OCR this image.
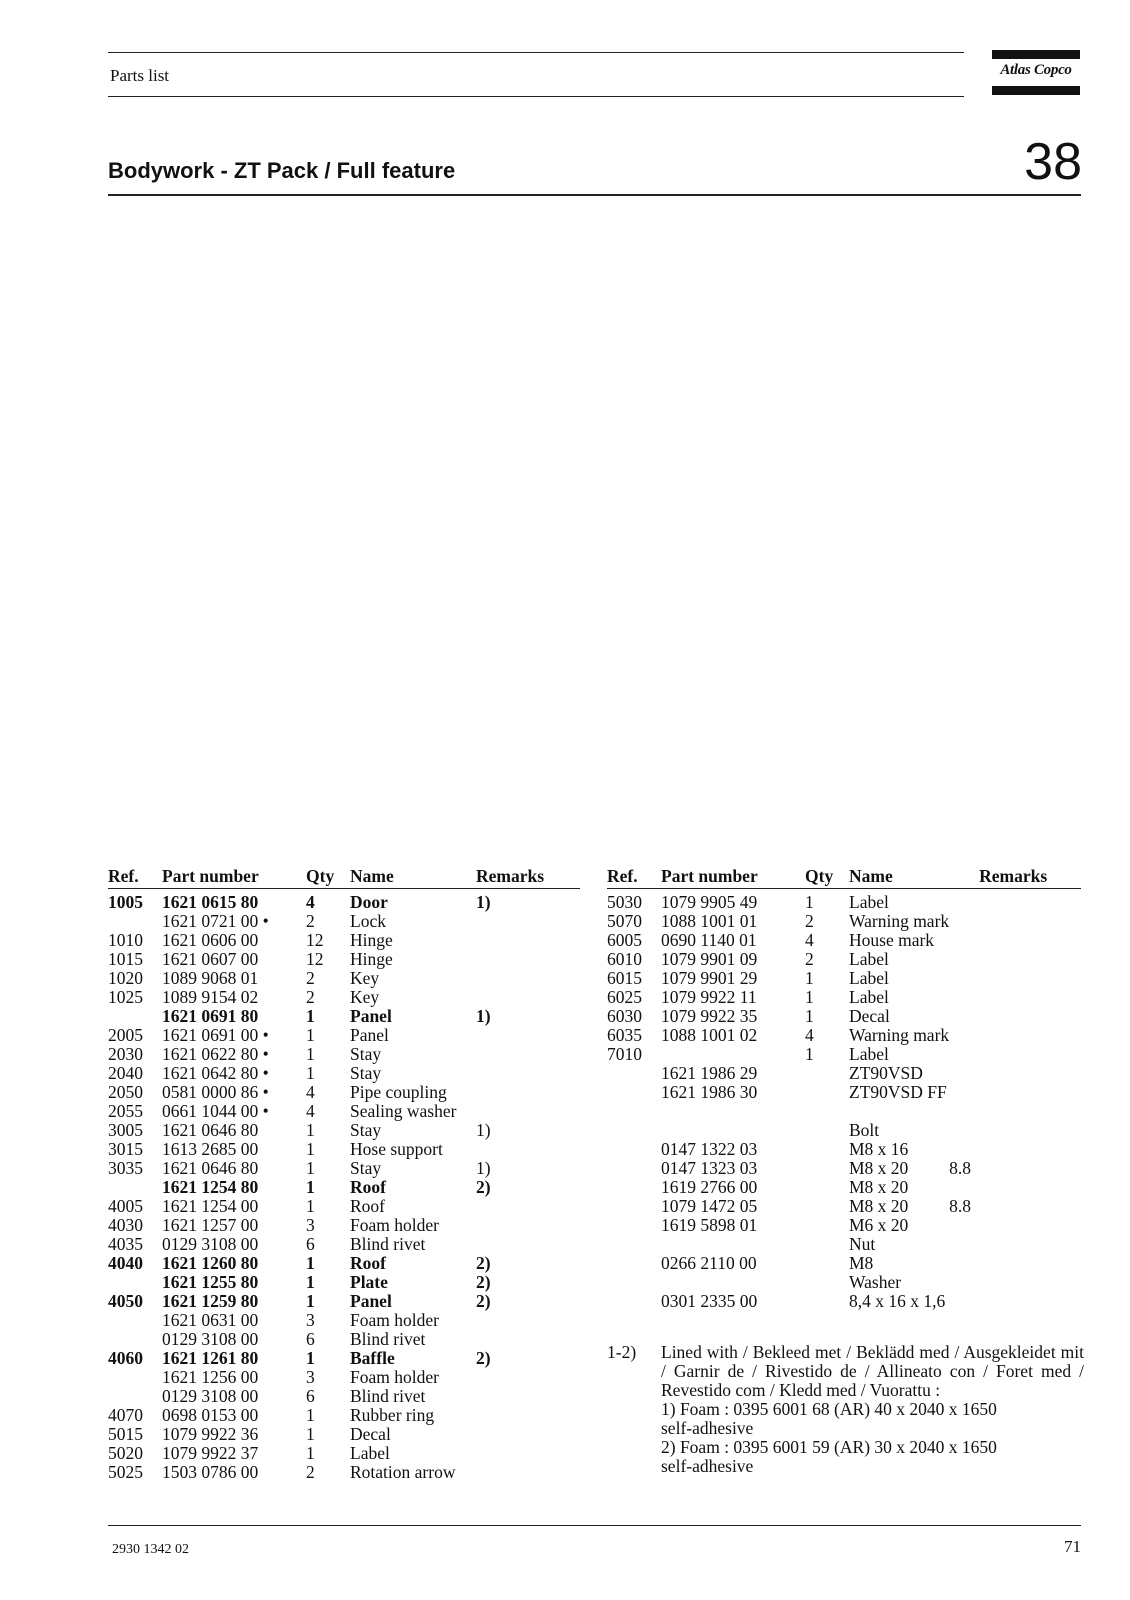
Parts list	Atlas Copco
Bodywork - ZT Pack / Full feature	38
Ref.	Part number	Qty	Name	Remarks

1005	1621 0615 80	4	Door	1)
	1621 0721 00 •	2	Lock	
1010	1621 0606 00	12	Hinge	
1015	1621 0607 00	12	Hinge	
1020	1089 9068 01	2	Key	
1025	1089 9154 02	2	Key	
	1621 0691 80	1	Panel	1)
2005	1621 0691 00 •	1	Panel	
2030	1621 0622 80 •	1	Stay	
2040	1621 0642 80 •	1	Stay	
2050	0581 0000 86 •	4	Pipe coupling	
2055	0661 1044 00 •	4	Sealing washer	
3005	1621 0646 80	1	Stay	1)
3015	1613 2685 00	1	Hose support	
3035	1621 0646 80	1	Stay	1)
	1621 1254 80	1	Roof	2)
4005	1621 1254 00	1	Roof	
4030	1621 1257 00	3	Foam holder	
4035	0129 3108 00	6	Blind rivet	
4040	1621 1260 80	1	Roof	2)
	1621 1255 80	1	Plate	2)
4050	1621 1259 80	1	Panel	2)
	1621 0631 00	3	Foam holder	
	0129 3108 00	6	Blind rivet	
4060	1621 1261 80	1	Baffle	2)
	1621 1256 00	3	Foam holder	
	0129 3108 00	6	Blind rivet	
4070	0698 0153 00	1	Rubber ring	
5015	1079 9922 36	1	Decal	
5020	1079 9922 37	1	Label	
5025	1503 0786 00	2	Rotation arrow	
Ref.	Part number	Qty	Name		Remarks

5030	1079 9905 49	1	Label		
5070	1088 1001 01	2	Warning mark		
6005	0690 1140 01	4	House mark		
6010	1079 9901 09	2	Label		
6015	1079 9901 29	1	Label		
6025	1079 9922 11	1	Label		
6030	1079 9922 35	1	Decal		
6035	1088 1001 02	4	Warning mark		
7010		1	Label		
	1621 1986 29		ZT90VSD		
	1621 1986 30		ZT90VSD FF		

			Bolt		
	0147 1322 03		M8 x 16		
	0147 1323 03		M8 x 20	8.8	
	1619 2766 00		M8 x 20		
	1079 1472 05		M8 x 20	8.8	
	1619 5898 01		M6 x 20		
			Nut		
	0266 2110 00		M8		
			Washer		
	0301 2335 00		8,4 x 16 x 1,6		
1-2) Lined with / Bekleed met / Beklädd med / Ausgekleidet mit / Garnir de / Rivestido de / Allineato con / Foret med / Revestido com / Kledd med / Vuorattu :
1) Foam : 0395 6001 68 (AR) 40 x 2040 x 1650
self-adhesive
2) Foam : 0395 6001 59 (AR) 30 x 2040 x 1650
self-adhesive
2930 1342 02	71
